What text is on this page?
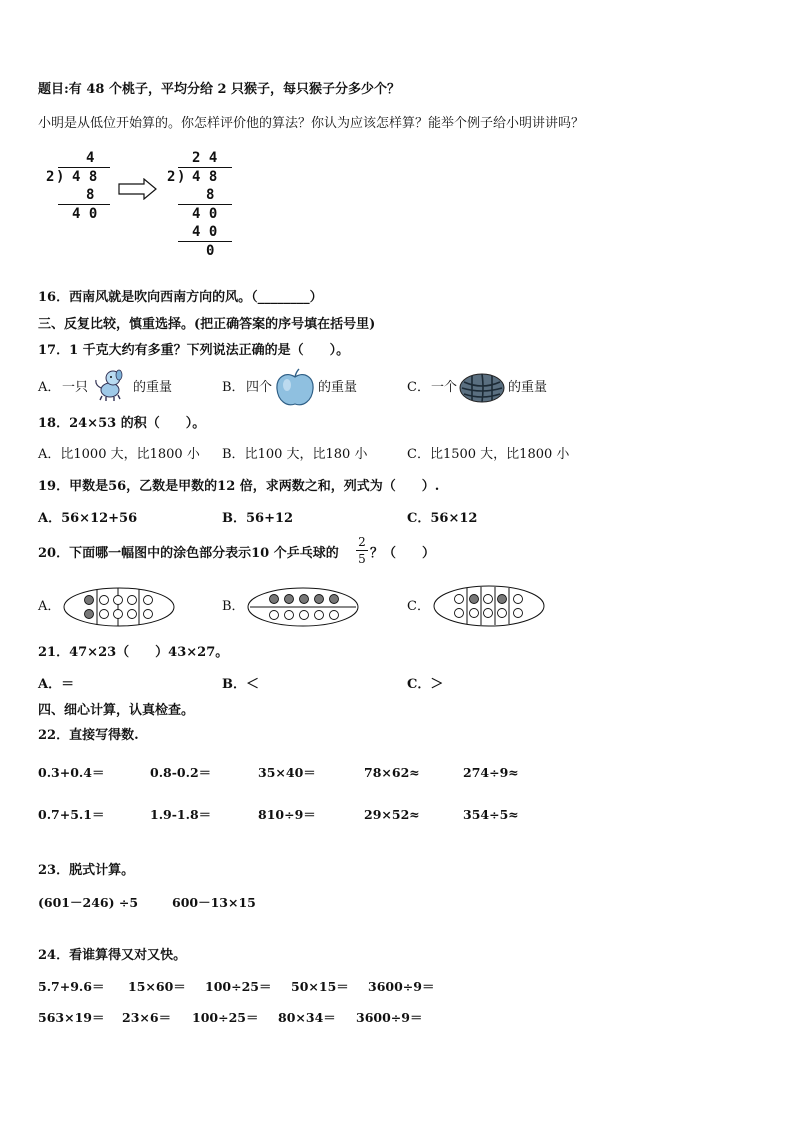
题目:有 48 个桃子，平均分给 2 只猴子，每只猴子分多少个？
小明是从低位开始算的。你怎样评价他的算法？你认为应该怎样算？能举个例子给小明讲讲吗？
4
2 ) 4 8
8
4 0
2 4
2 ) 4 8
8
4 0
4 0
0
16．西南风就是吹向西南方向的风。（________）
三、反复比较，慎重选择。(把正确答案的序号填在括号里)
17．1 千克大约有多重？下列说法正确的是（　　）。
A． 一只	的重量	B． 四个	的重量	C． 一个	的重量
18．24×53 的积（　　）。
A．比1000 大，比1800 小 B．比100 大，比180 小	C．比1500 大，比1800 小
19．甲数是56，乙数是甲数的12 倍，求两数之和，列式为（　　）.
A．56×12+56	B．56+12	C．56×12
20．下面哪一幅图中的涂色部分表示10 个乒乓球的
2
5 ？（　　）
A．	B．	C．
21．47×23（　　）43×27。
A．＝	B．＜	C．＞
四、细心计算，认真检查。
22．直接写得数.
0.3+0.4＝	0.8-0.2＝	35×40＝	78×62≈	274÷9≈
0.7+5.1＝	1.9-1.8＝	810÷9＝	29×52≈	354÷5≈
23．脱式计算。
(601－246) ÷5	600－13×15
24．看谁算得又对又快。
5.7+9.6＝ 15×60＝ 100÷25＝ 50×15＝ 3600÷9＝
563×19＝ 23×6＝ 100÷25＝ 80×34＝ 3600÷9＝
